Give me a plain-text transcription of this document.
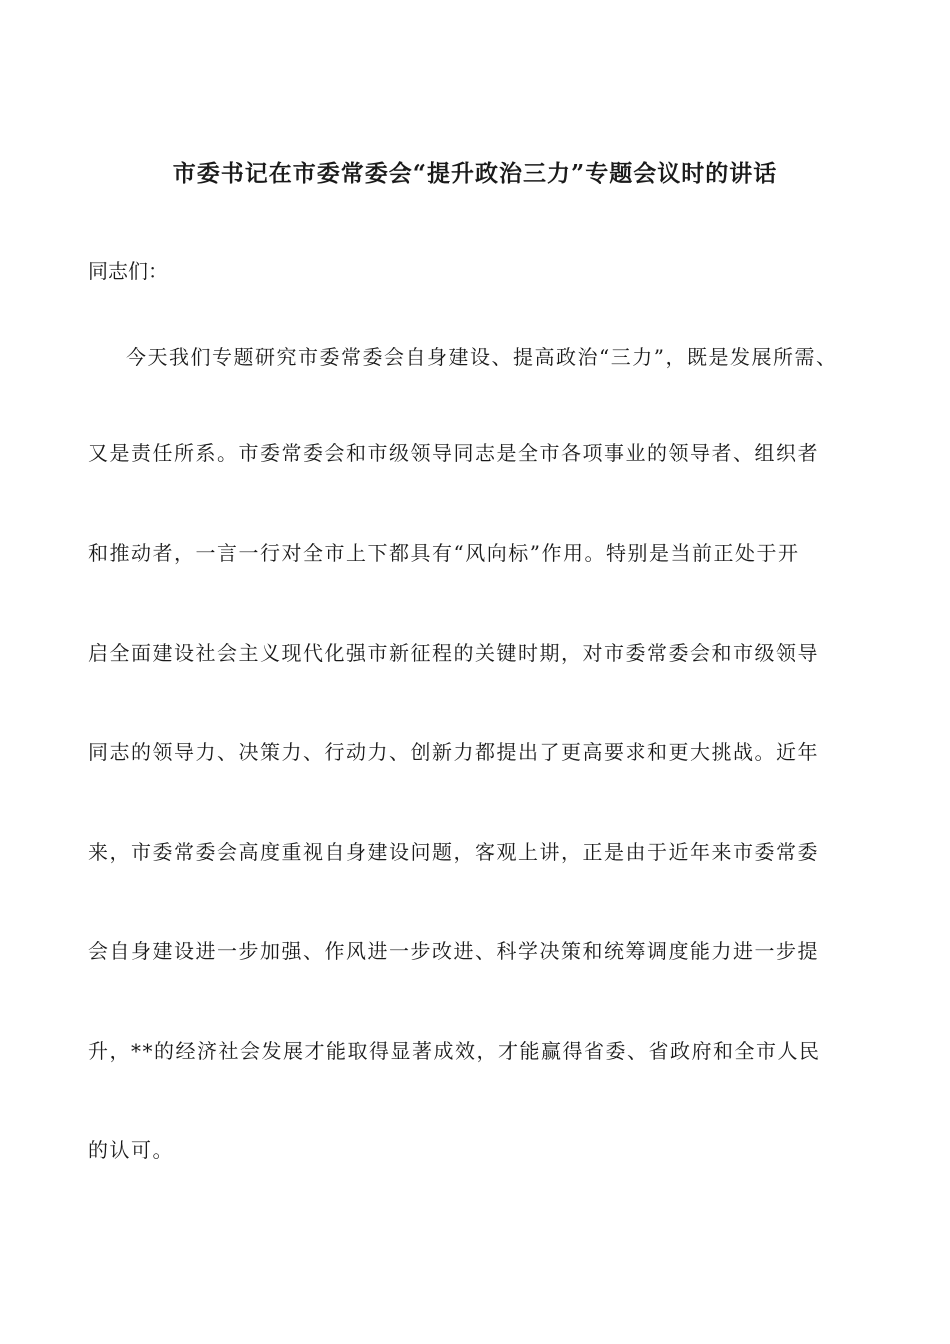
市委书记在市委常委会“提升政治三力”专题会议时的讲话

同志们：

今天我们专题研究市委常委会自身建设、提高政治“三力”，既是发展所需、

又是责任所系。市委常委会和市级领导同志是全市各项事业的领导者、组织者

和推动者，一言一行对全市上下都具有“风向标”作用。特别是当前正处于开

启全面建设社会主义现代化强市新征程的关键时期，对市委常委会和市级领导

同志的领导力、决策力、行动力、创新力都提出了更高要求和更大挑战。近年

来，市委常委会高度重视自身建设问题，客观上讲，正是由于近年来市委常委

会自身建设进一步加强、作风进一步改进、科学决策和统筹调度能力进一步提

升，**的经济社会发展才能取得显著成效，才能赢得省委、省政府和全市人民

的认可。
